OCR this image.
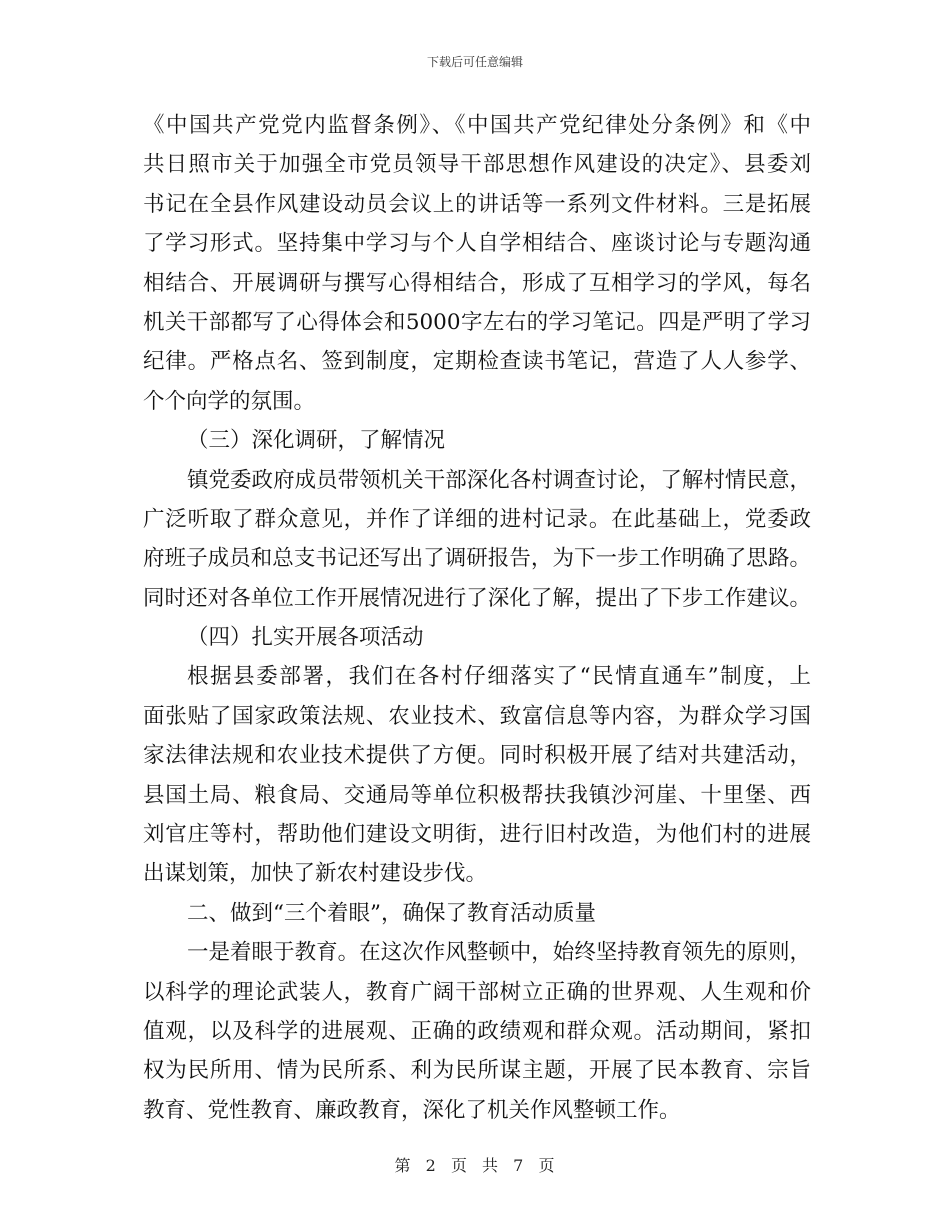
下载后可任意编辑
《中国共产党党内监督条例》、《中国共产党纪律处分条例》和《中
共日照市关于加强全市党员领导干部思想作风建设的决定》、县委刘
书记在全县作风建设动员会议上的讲话等一系列文件材料。三是拓展
了学习形式。坚持集中学习与个人自学相结合、座谈讨论与专题沟通
相结合、开展调研与撰写心得相结合，形成了互相学习的学风，每名
机关干部都写了心得体会和5000字左右的学习笔记。四是严明了学习
纪律。严格点名、签到制度，定期检查读书笔记，营造了人人参学、
个个向学的氛围。
（三）深化调研，了解情况
镇党委政府成员带领机关干部深化各村调查讨论，了解村情民意，
广泛听取了群众意见，并作了详细的进村记录。在此基础上，党委政
府班子成员和总支书记还写出了调研报告，为下一步工作明确了思路。
同时还对各单位工作开展情况进行了深化了解，提出了下步工作建议。
（四）扎实开展各项活动
根据县委部署，我们在各村仔细落实了“民情直通车”制度，上
面张贴了国家政策法规、农业技术、致富信息等内容，为群众学习国
家法律法规和农业技术提供了方便。同时积极开展了结对共建活动，
县国土局、粮食局、交通局等单位积极帮扶我镇沙河崖、十里堡、西
刘官庄等村，帮助他们建设文明街，进行旧村改造，为他们村的进展
出谋划策，加快了新农村建设步伐。
二、做到“三个着眼”，确保了教育活动质量
一是着眼于教育。在这次作风整顿中，始终坚持教育领先的原则，
以科学的理论武装人，教育广阔干部树立正确的世界观、人生观和价
值观，以及科学的进展观、正确的政绩观和群众观。活动期间，紧扣
权为民所用、情为民所系、利为民所谋主题，开展了民本教育、宗旨
教育、党性教育、廉政教育，深化了机关作风整顿工作。
第 2 页 共 7 页
